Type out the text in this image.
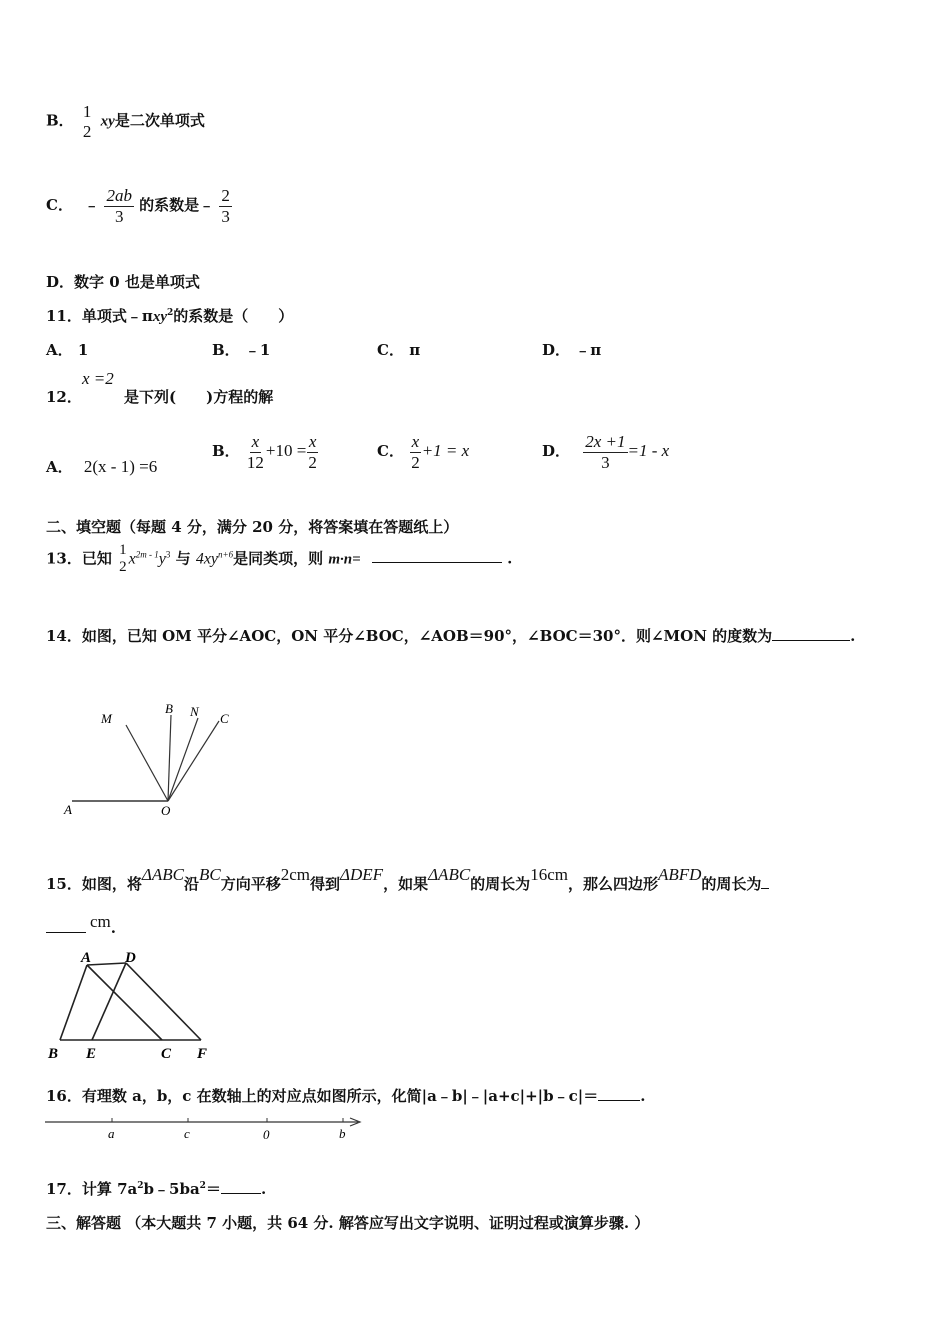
B． 1
2 xy是二次单项式
C． ﹣ $\frac{2ab}{3}$ 的系数是﹣ $\frac{2}{3}$
D．数字 0 也是单项式
11．单项式﹣πxy$^2$的系数是（　　）
A． 1	B． ﹣1	C． π	D． ﹣π
12．
x =2
是下列(　　)方程的解
A． 2(x - 1) =6
B． $\frac{x}{12} +10 = \frac{x}{2}$	C． $\frac{x}{2} +1 = x$	D． $\frac{2x +1}{3} =1 - x$
二、填空题（每题 4 分，满分 20 分，将答案填在答题纸上）
13．已知 1
2 $x^{2m - 1}y^3$ 与 $4xy^{n+6}$是同类项，则 m·n=	.
14．如图，已知 OM 平分∠AOC，ON 平分∠BOC，∠AOB＝90°，∠BOC＝30°．则∠MON 的度数为	.
M
B N C
A	O
15．如图，将ΔABC沿BC方向平移2cm得到ΔDEF，如果ΔABC的周长为16cm，那么四边形ABFD的周长为
cm.
A D
B E	C F
16．有理数 a，b，c 在数轴上的对应点如图所示，化简|a﹣b|﹣|a+c|+|b﹣c|＝	.
a	c	0	b
17．计算 $7a^2b﹣5ba^2=$	.
三、解答题 （本大题共 7 小题，共 64 分. 解答应写出文字说明、证明过程或演算步骤. ）
